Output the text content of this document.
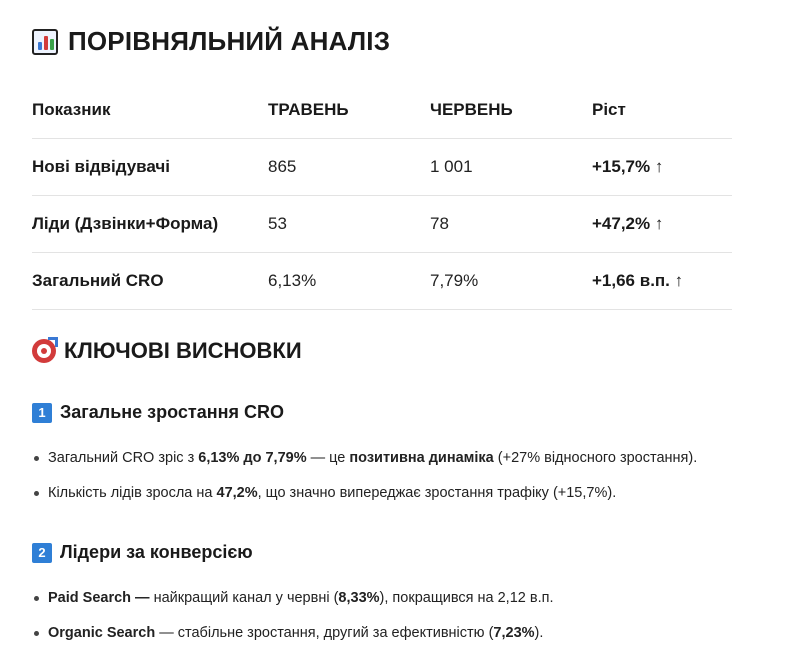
ПОРІВНЯЛЬНИЙ АНАЛІЗ
Показник	ТРАВЕНЬ	ЧЕРВЕНЬ	Ріст
Нові відвідувачі	865	1 001	+15,7% ↑
Ліди (Дзвінки+Форма)	53	78	+47,2% ↑
Загальний CRO	6,13%	7,79%	+1,66 в.п. ↑
КЛЮЧОВІ ВИСНОВКИ
1 Загальне зростання CRO
Загальний CRO зріс з 6,13% до 7,79% — це позитивна динаміка (+27% відносного зростання).
Кількість лідів зросла на 47,2%, що значно випереджає зростання трафіку (+15,7%).
2 Лідери за конверсією
Paid Search — найкращий канал у червні (8,33%), покращився на 2,12 в.п.
Organic Search — стабільне зростання, другий за ефективністю (7,23%).
